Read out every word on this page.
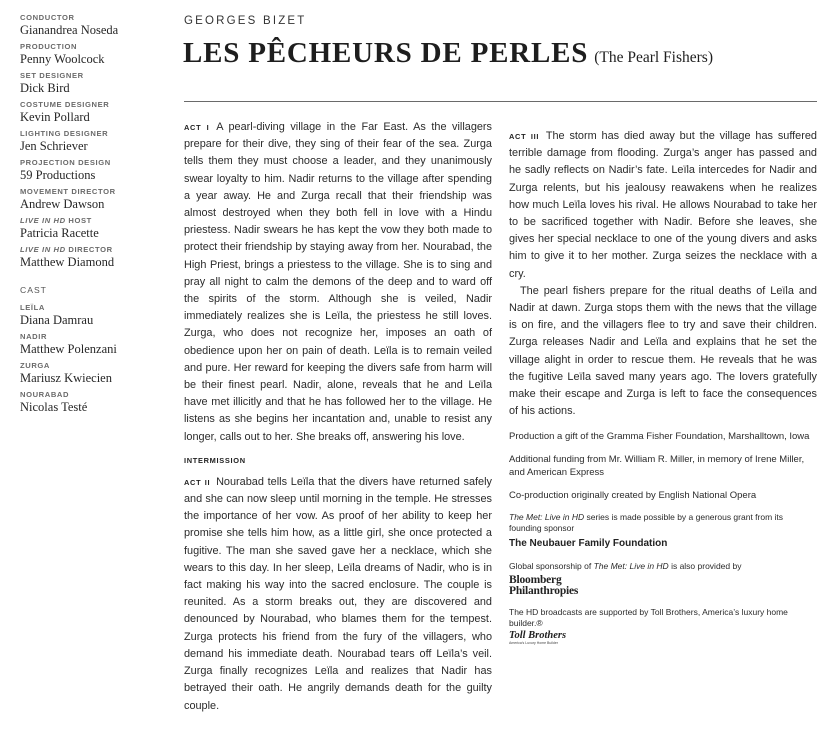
CONDUCTOR
Gianandrea Noseda
PRODUCTION
Penny Woolcock
SET DESIGNER
Dick Bird
COSTUME DESIGNER
Kevin Pollard
LIGHTING DESIGNER
Jen Schriever
PROJECTION DESIGN
59 Productions
MOVEMENT DIRECTOR
Andrew Dawson
LIVE IN HD HOST
Patricia Racette
LIVE IN HD DIRECTOR
Matthew Diamond
CAST
LEÏLA
Diana Damrau
NADIR
Matthew Polenzani
ZURGA
Mariusz Kwiecien
NOURABAD
Nicolas Testé
GEORGES BIZET
LES PÊCHEURS DE PERLES (The Pearl Fishers)

ACT I A pearl-diving village in the Far East. As the villagers prepare for their dive, they sing of their fear of the sea. Zurga tells them they must choose a leader, and they unanimously swear loyalty to him. Nadir returns to the village after spending a year away. He and Zurga recall that their friendship was almost destroyed when they both fell in love with a Hindu priestess. Nadir swears he has kept the vow they both made to protect their friendship by staying away from her. Nourabad, the High Priest, brings a priestess to the village. She is to sing and pray all night to calm the demons of the deep and to ward off the spirits of the storm. Although she is veiled, Nadir immediately realizes she is Leïla, the priestess he still loves. Zurga, who does not recognize her, imposes an oath of obedience upon her on pain of death. Leïla is to remain veiled and pure. Her reward for keeping the divers safe from harm will be their finest pearl. Nadir, alone, reveals that he and Leïla have met illicitly and that he has followed her to the village. He listens as she begins her incantation and, unable to resist any longer, calls out to her. She breaks off, answering his love.

INTERMISSION

ACT II Nourabad tells Leïla that the divers have returned safely and she can now sleep until morning in the temple. He stresses the importance of her vow. As proof of her ability to keep her promise she tells him how, as a little girl, she once protected a fugitive. The man she saved gave her a necklace, which she wears to this day. In her sleep, Leïla dreams of Nadir, who is in fact making his way into the sacred enclosure. The couple is reunited. As a storm breaks out, they are discovered and denounced by Nourabad, who blames them for the tempest. Zurga protects his friend from the fury of the villagers, who demand his immediate death. Nourabad tears off Leïla’s veil. Zurga finally recognizes Leïla and realizes that Nadir has betrayed their oath. He angrily demands death for the guilty couple.

ACT III The storm has died away but the village has suffered terrible damage from flooding. Zurga’s anger has passed and he sadly reflects on Nadir’s fate. Leïla intercedes for Nadir and Zurga relents, but his jealousy reawakens when he realizes how much Leïla loves his rival. He allows Nourabad to take her to be sacrificed together with Nadir. Before she leaves, she gives her special necklace to one of the young divers and asks him to give it to her mother. Zurga seizes the necklace with a cry.

The pearl fishers prepare for the ritual deaths of Leïla and Nadir at dawn. Zurga stops them with the news that the village is on fire, and the villagers flee to try and save their children. Zurga releases Nadir and Leïla and explains that he set the village alight in order to rescue them. He reveals that he was the fugitive Leïla saved many years ago. The lovers gratefully make their escape and Zurga is left to face the consequences of his actions.

Production a gift of the Gramma Fisher Foundation, Marshalltown, Iowa
Additional funding from Mr. William R. Miller, in memory of Irene Miller, and American Express
Co-production originally created by English National Opera
The Met: Live in HD series is made possible by a generous grant from its founding sponsor
The Neubauer Family Foundation
Global sponsorship of The Met: Live in HD is also provided by
Bloomberg
Philanthropies
The HD broadcasts are supported by Toll Brothers, America’s luxury home builder.®
Toll Brothers
America’s Luxury Home Builder
